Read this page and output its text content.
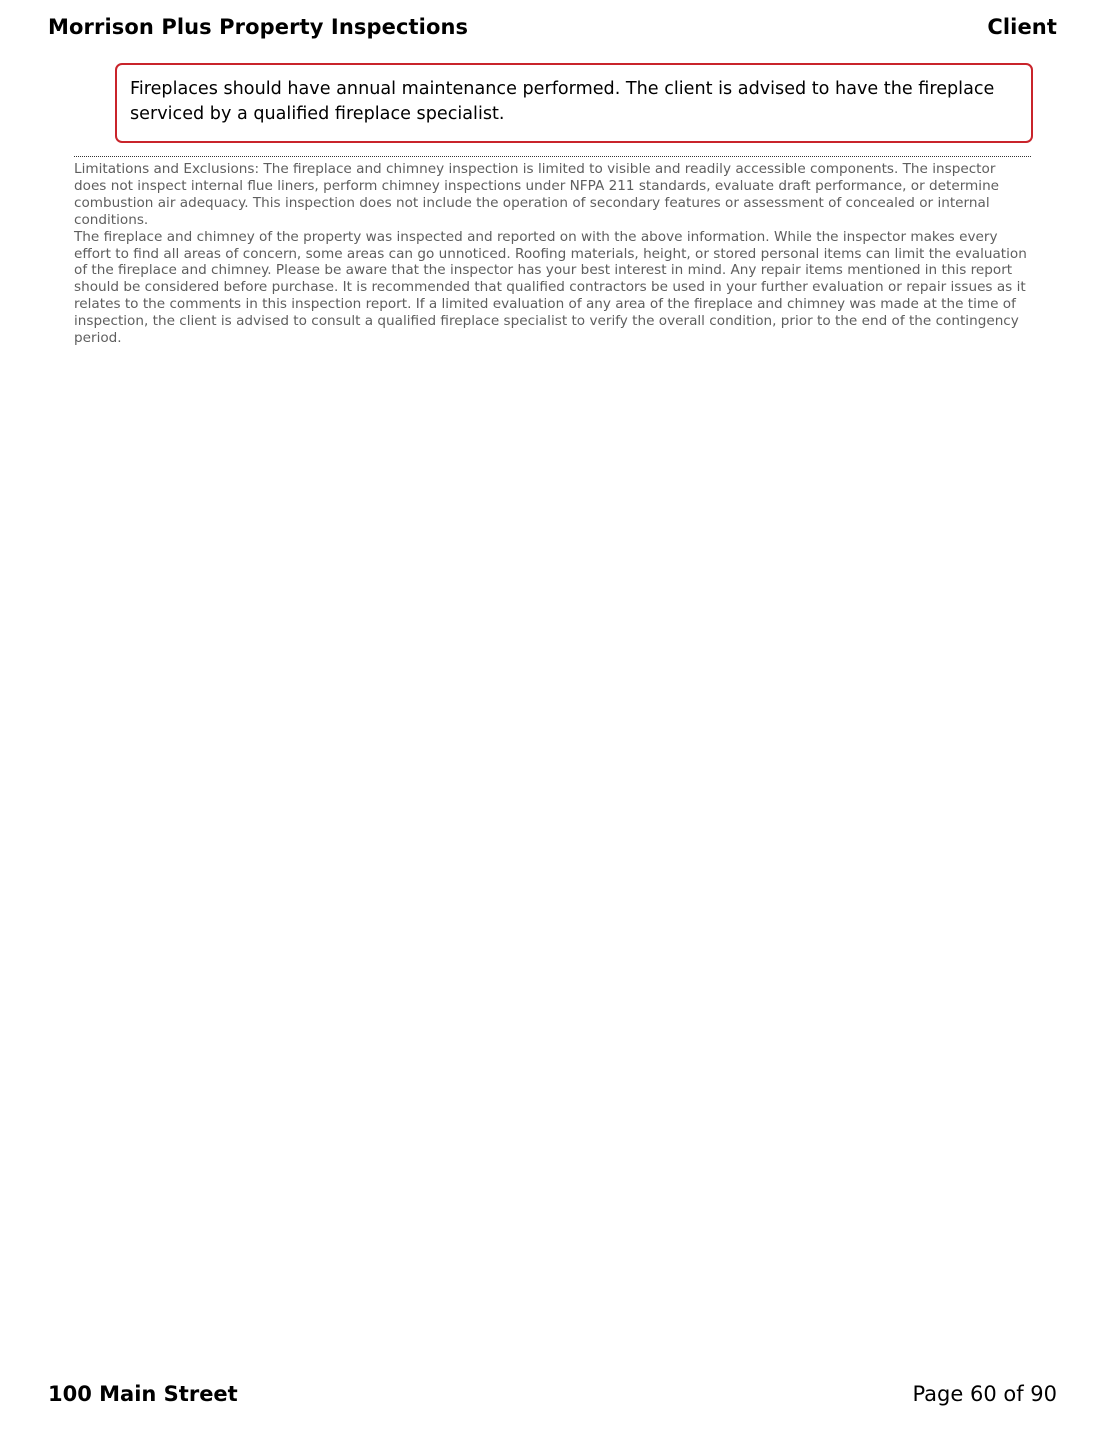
Morrison Plus Property Inspections	Client
Fireplaces should have annual maintenance performed. The client is advised to have the fireplace serviced by a qualified fireplace specialist.

Limitations and Exclusions: The fireplace and chimney inspection is limited to visible and readily accessible components. The inspector does not inspect internal flue liners, perform chimney inspections under NFPA 211 standards, evaluate draft performance, or determine combustion air adequacy. This inspection does not include the operation of secondary features or assessment of concealed or internal conditions.

The fireplace and chimney of the property was inspected and reported on with the above information. While the inspector makes every effort to find all areas of concern, some areas can go unnoticed. Roofing materials, height, or stored personal items can limit the evaluation of the fireplace and chimney. Please be aware that the inspector has your best interest in mind. Any repair items mentioned in this report should be considered before purchase. It is recommended that qualified contractors be used in your further evaluation or repair issues as it relates to the comments in this inspection report. If a limited evaluation of any area of the fireplace and chimney was made at the time of inspection, the client is advised to consult a qualified fireplace specialist to verify the overall condition, prior to the end of the contingency period.

100 Main Street	Page 60 of 90
